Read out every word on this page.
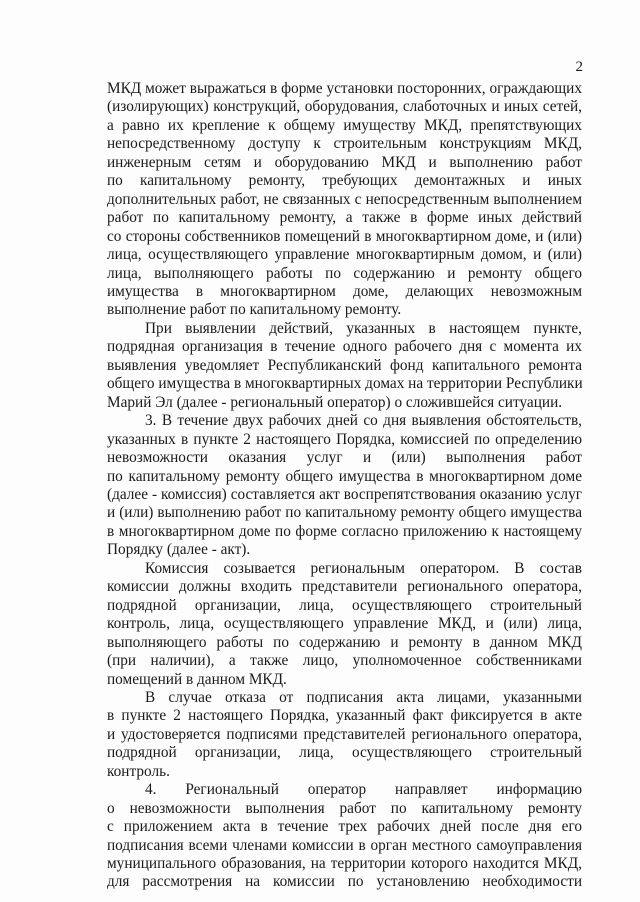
2
МКД может выражаться в форме установки посторонних, ограждающих
(изолирующих) конструкций, оборудования, слаботочных и иных сетей,
а равно их крепление к общему имуществу МКД, препятствующих
непосредственному доступу к строительным конструкциям МКД,
инженерным сетям и оборудованию МКД и выполнению работ
по капитальному ремонту, требующих демонтажных и иных
дополнительных работ, не связанных с непосредственным выполнением
работ по капитальному ремонту, а также в форме иных действий
со стороны собственников помещений в многоквартирном доме, и (или)
лица, осуществляющего управление многоквартирным домом, и (или)
лица, выполняющего работы по содержанию и ремонту общего
имущества в многоквартирном доме, делающих невозможным
выполнение работ по капитальному ремонту.
При выявлении действий, указанных в настоящем пункте,
подрядная организация в течение одного рабочего дня с момента их
выявления уведомляет Республиканский фонд капитального ремонта
общего имущества в многоквартирных домах на территории Республики
Марий Эл (далее - региональный оператор) о сложившейся ситуации.
3. В течение двух рабочих дней со дня выявления обстоятельств,
указанных в пункте 2 настоящего Порядка, комиссией по определению
невозможности оказания услуг и (или) выполнения работ
по капитальному ремонту общего имущества в многоквартирном доме
(далее - комиссия) составляется акт воспрепятствования оказанию услуг
и (или) выполнению работ по капитальному ремонту общего имущества
в многоквартирном доме по форме согласно приложению к настоящему
Порядку (далее - акт).
Комиссия созывается региональным оператором. В состав
комиссии должны входить представители регионального оператора,
подрядной организации, лица, осуществляющего строительный
контроль, лица, осуществляющего управление МКД, и (или) лица,
выполняющего работы по содержанию и ремонту в данном МКД
(при наличии), а также лицо, уполномоченное собственниками
помещений в данном МКД.
В случае отказа от подписания акта лицами, указанными
в пункте 2 настоящего Порядка, указанный факт фиксируется в акте
и удостоверяется подписями представителей регионального оператора,
подрядной организации, лица, осуществляющего строительный
контроль.
4. Региональный оператор направляет информацию
о невозможности выполнения работ по капитальному ремонту
с приложением акта в течение трех рабочих дней после дня его
подписания всеми членами комиссии в орган местного самоуправления
муниципального образования, на территории которого находится МКД,
для рассмотрения на комиссии по установлению необходимости
